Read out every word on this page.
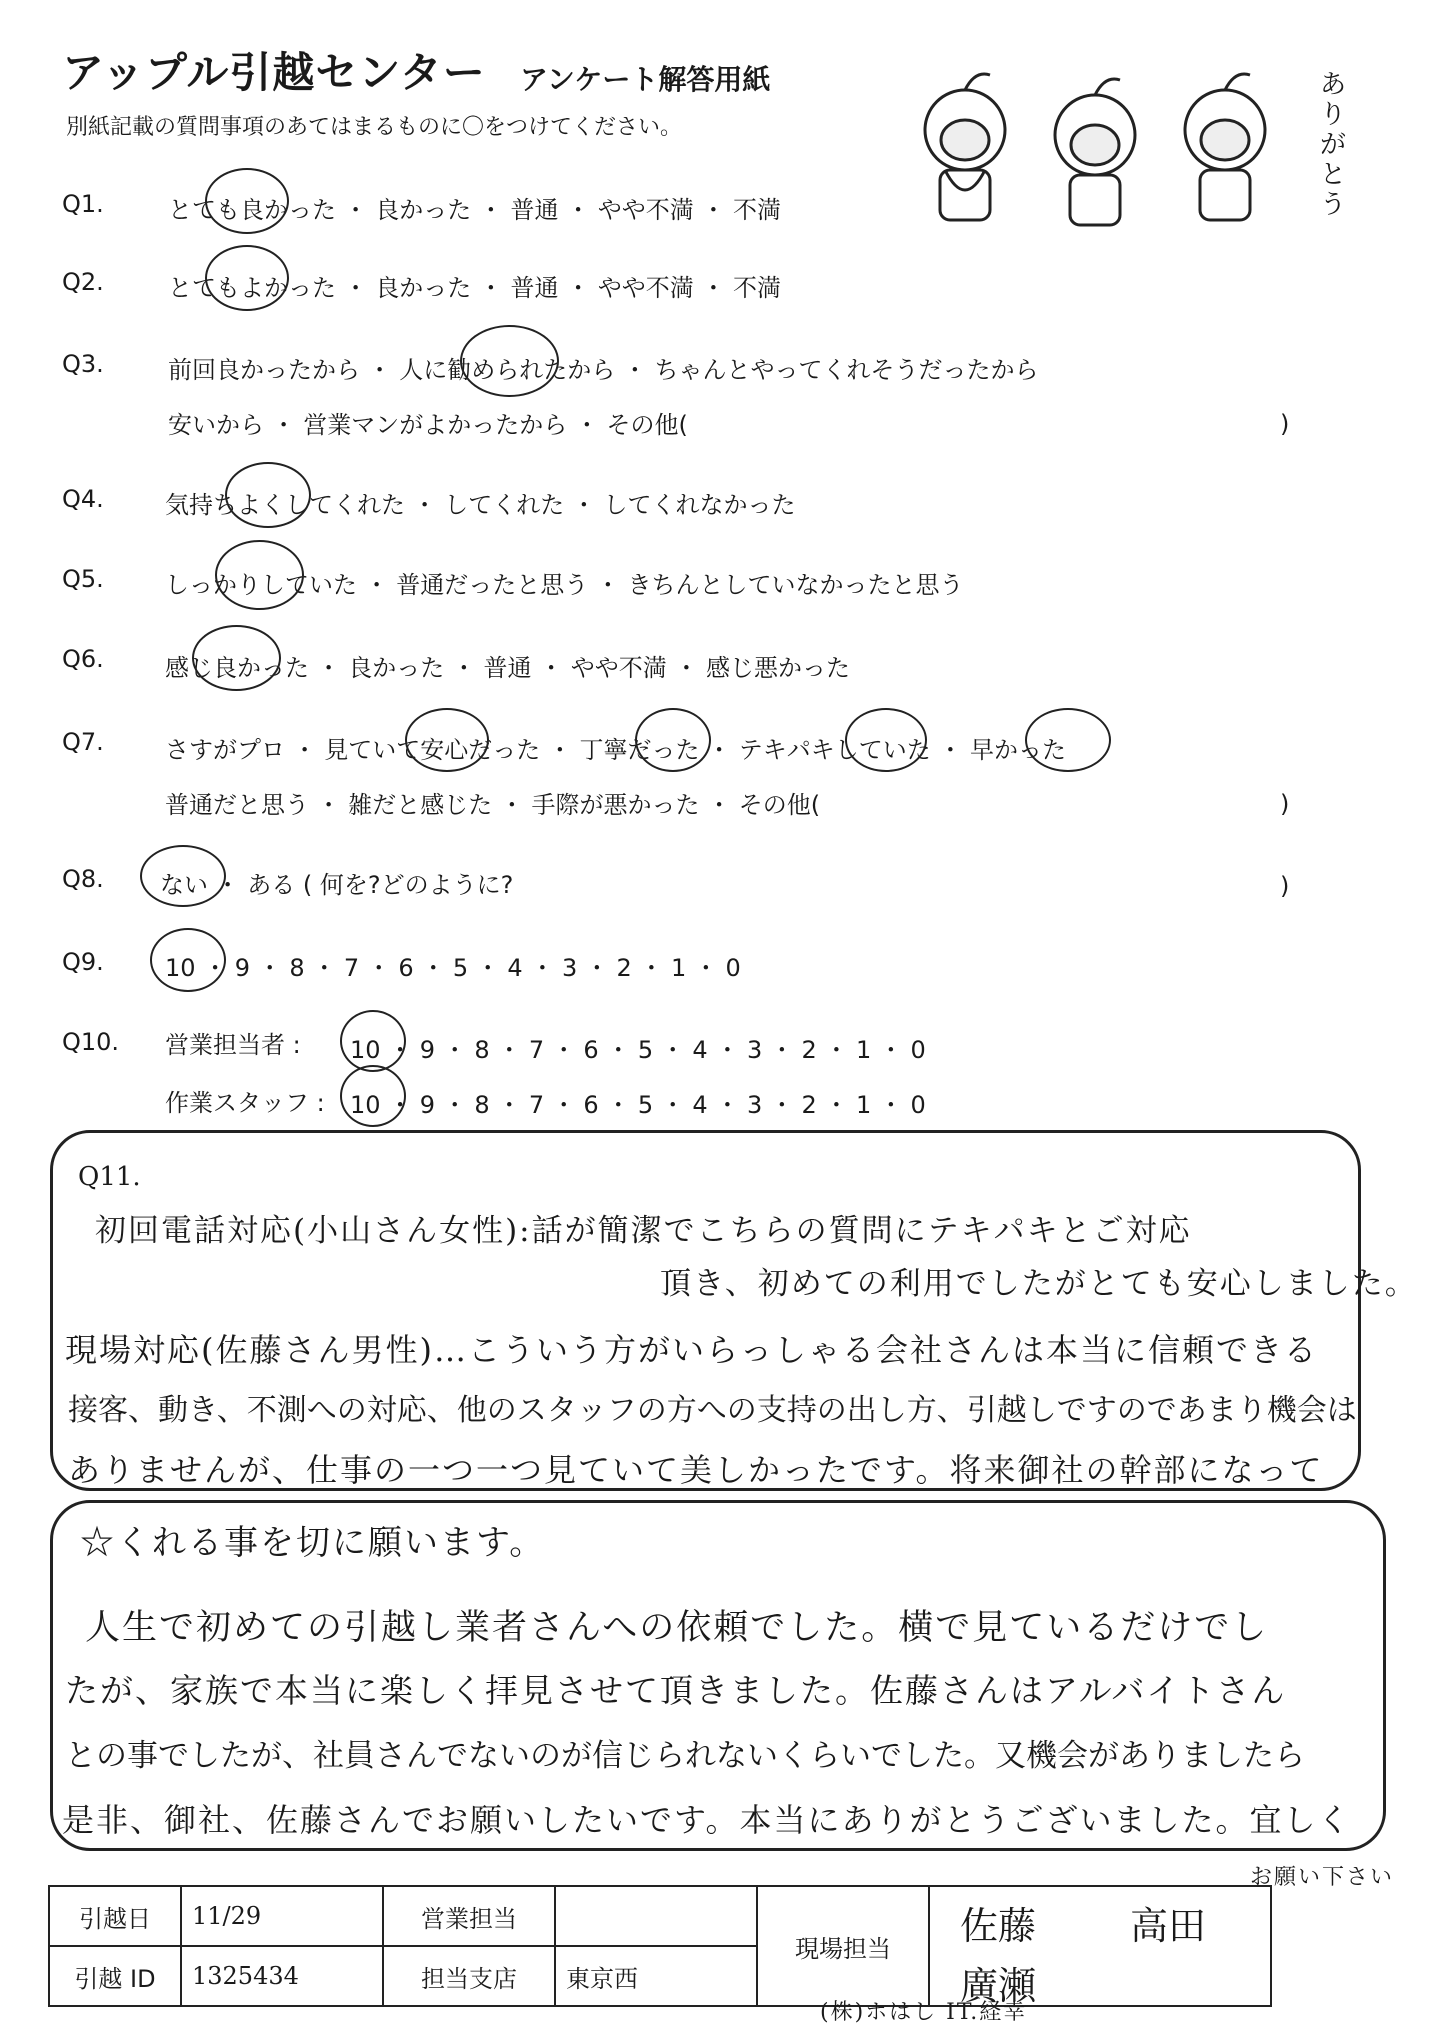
アップル引越センター アンケート解答用紙
別紙記載の質問事項のあてはまるものに〇をつけてください。
ありがとう
Q1.	とても良かった ・ 良かった ・ 普通 ・ やや不満 ・ 不満
Q2.	とてもよかった ・ 良かった ・ 普通 ・ やや不満 ・ 不満
Q3.	前回良かったから ・ 人に勧められたから ・ ちゃんとやってくれそうだったから
安いから ・ 営業マンがよかったから ・ その他(	)
Q4.	気持ちよくしてくれた ・ してくれた ・ してくれなかった
Q5.	しっかりしていた ・ 普通だったと思う ・ きちんとしていなかったと思う
Q6.	感じ良かった ・ 良かった ・ 普通 ・ やや不満 ・ 感じ悪かった
Q7.	さすがプロ ・ 見ていて安心だった ・ 丁寧だった ・ テキパキしていた ・ 早かった
普通だと思う ・ 雑だと感じた ・ 手際が悪かった ・ その他(	)
Q8. ない ・ ある ( 何を?どのように?	)
Q9.	10 ・ 9 ・ 8 ・ 7 ・ 6 ・ 5 ・ 4 ・ 3 ・ 2 ・ 1 ・ 0
Q10. 営業担当者 : 10 ・ 9 ・ 8 ・ 7 ・ 6 ・ 5 ・ 4 ・ 3 ・ 2 ・ 1 ・ 0
作業スタッフ : 10 ・ 9 ・ 8 ・ 7 ・ 6 ・ 5 ・ 4 ・ 3 ・ 2 ・ 1 ・ 0
Q11.
初回電話対応(小山さん女性):話が簡潔でこちらの質問にテキパキとご対応
頂き、初めての利用でしたがとても安心しました。
現場対応(佐藤さん男性)…こういう方がいらっしゃる会社さんは本当に信頼できる
接客、動き、不測への対応、他のスタッフの方への支持の出し方、引越しですのであまり機会は
ありませんが、仕事の一つ一つ見ていて美しかったです。将来御社の幹部になって
☆くれる事を切に願います。
人生で初めての引越し業者さんへの依頼でした。横で見ているだけでし
たが、家族で本当に楽しく拝見させて頂きました。佐藤さんはアルバイトさん
との事でしたが、社員さんでないのが信じられないくらいでした。又機会がありましたら
是非、御社、佐藤さんでお願いしたいです。本当にありがとうございました。宜しく
お願い下さい
引越日	11/29	営業担当		現場担当	佐藤 高田
廣瀬

引越 ID	1325434	担当支店	東京西		
(株)ホはし IT.経幸
